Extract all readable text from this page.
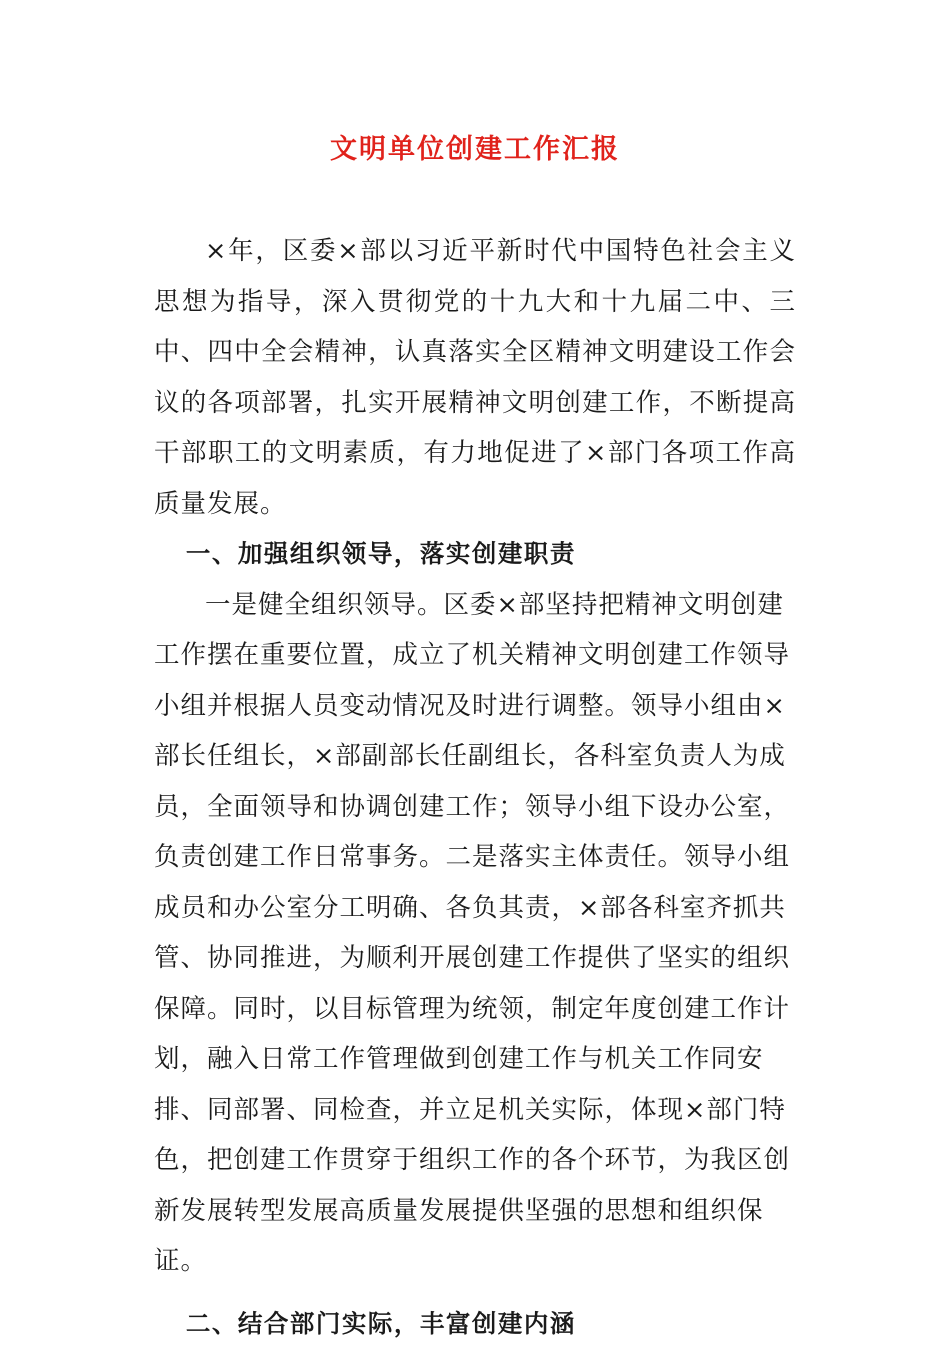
文明单位创建工作汇报

×年，区委×部以习近平新时代中国特色社会主义思想为指导，深入贯彻党的十九大和十九届二中、三中、四中全会精神，认真落实全区精神文明建设工作会议的各项部署，扎实开展精神文明创建工作，不断提高干部职工的文明素质，有力地促进了×部门各项工作高质量发展。

一、加强组织领导，落实创建职责

一是健全组织领导。区委×部坚持把精神文明创建工作摆在重要位置，成立了机关精神文明创建工作领导小组并根据人员变动情况及时进行调整。领导小组由×部长任组长，×部副部长任副组长，各科室负责人为成员，全面领导和协调创建工作；领导小组下设办公室，负责创建工作日常事务。二是落实主体责任。领导小组成员和办公室分工明确、各负其责，×部各科室齐抓共管、协同推进，为顺利开展创建工作提供了坚实的组织保障。同时，以目标管理为统领，制定年度创建工作计划，融入日常工作管理做到创建工作与机关工作同安排、同部署、同检查，并立足机关实际，体现×部门特色，把创建工作贯穿于组织工作的各个环节，为我区创新发展转型发展高质量发展提供坚强的思想和组织保证。

二、结合部门实际，丰富创建内涵
